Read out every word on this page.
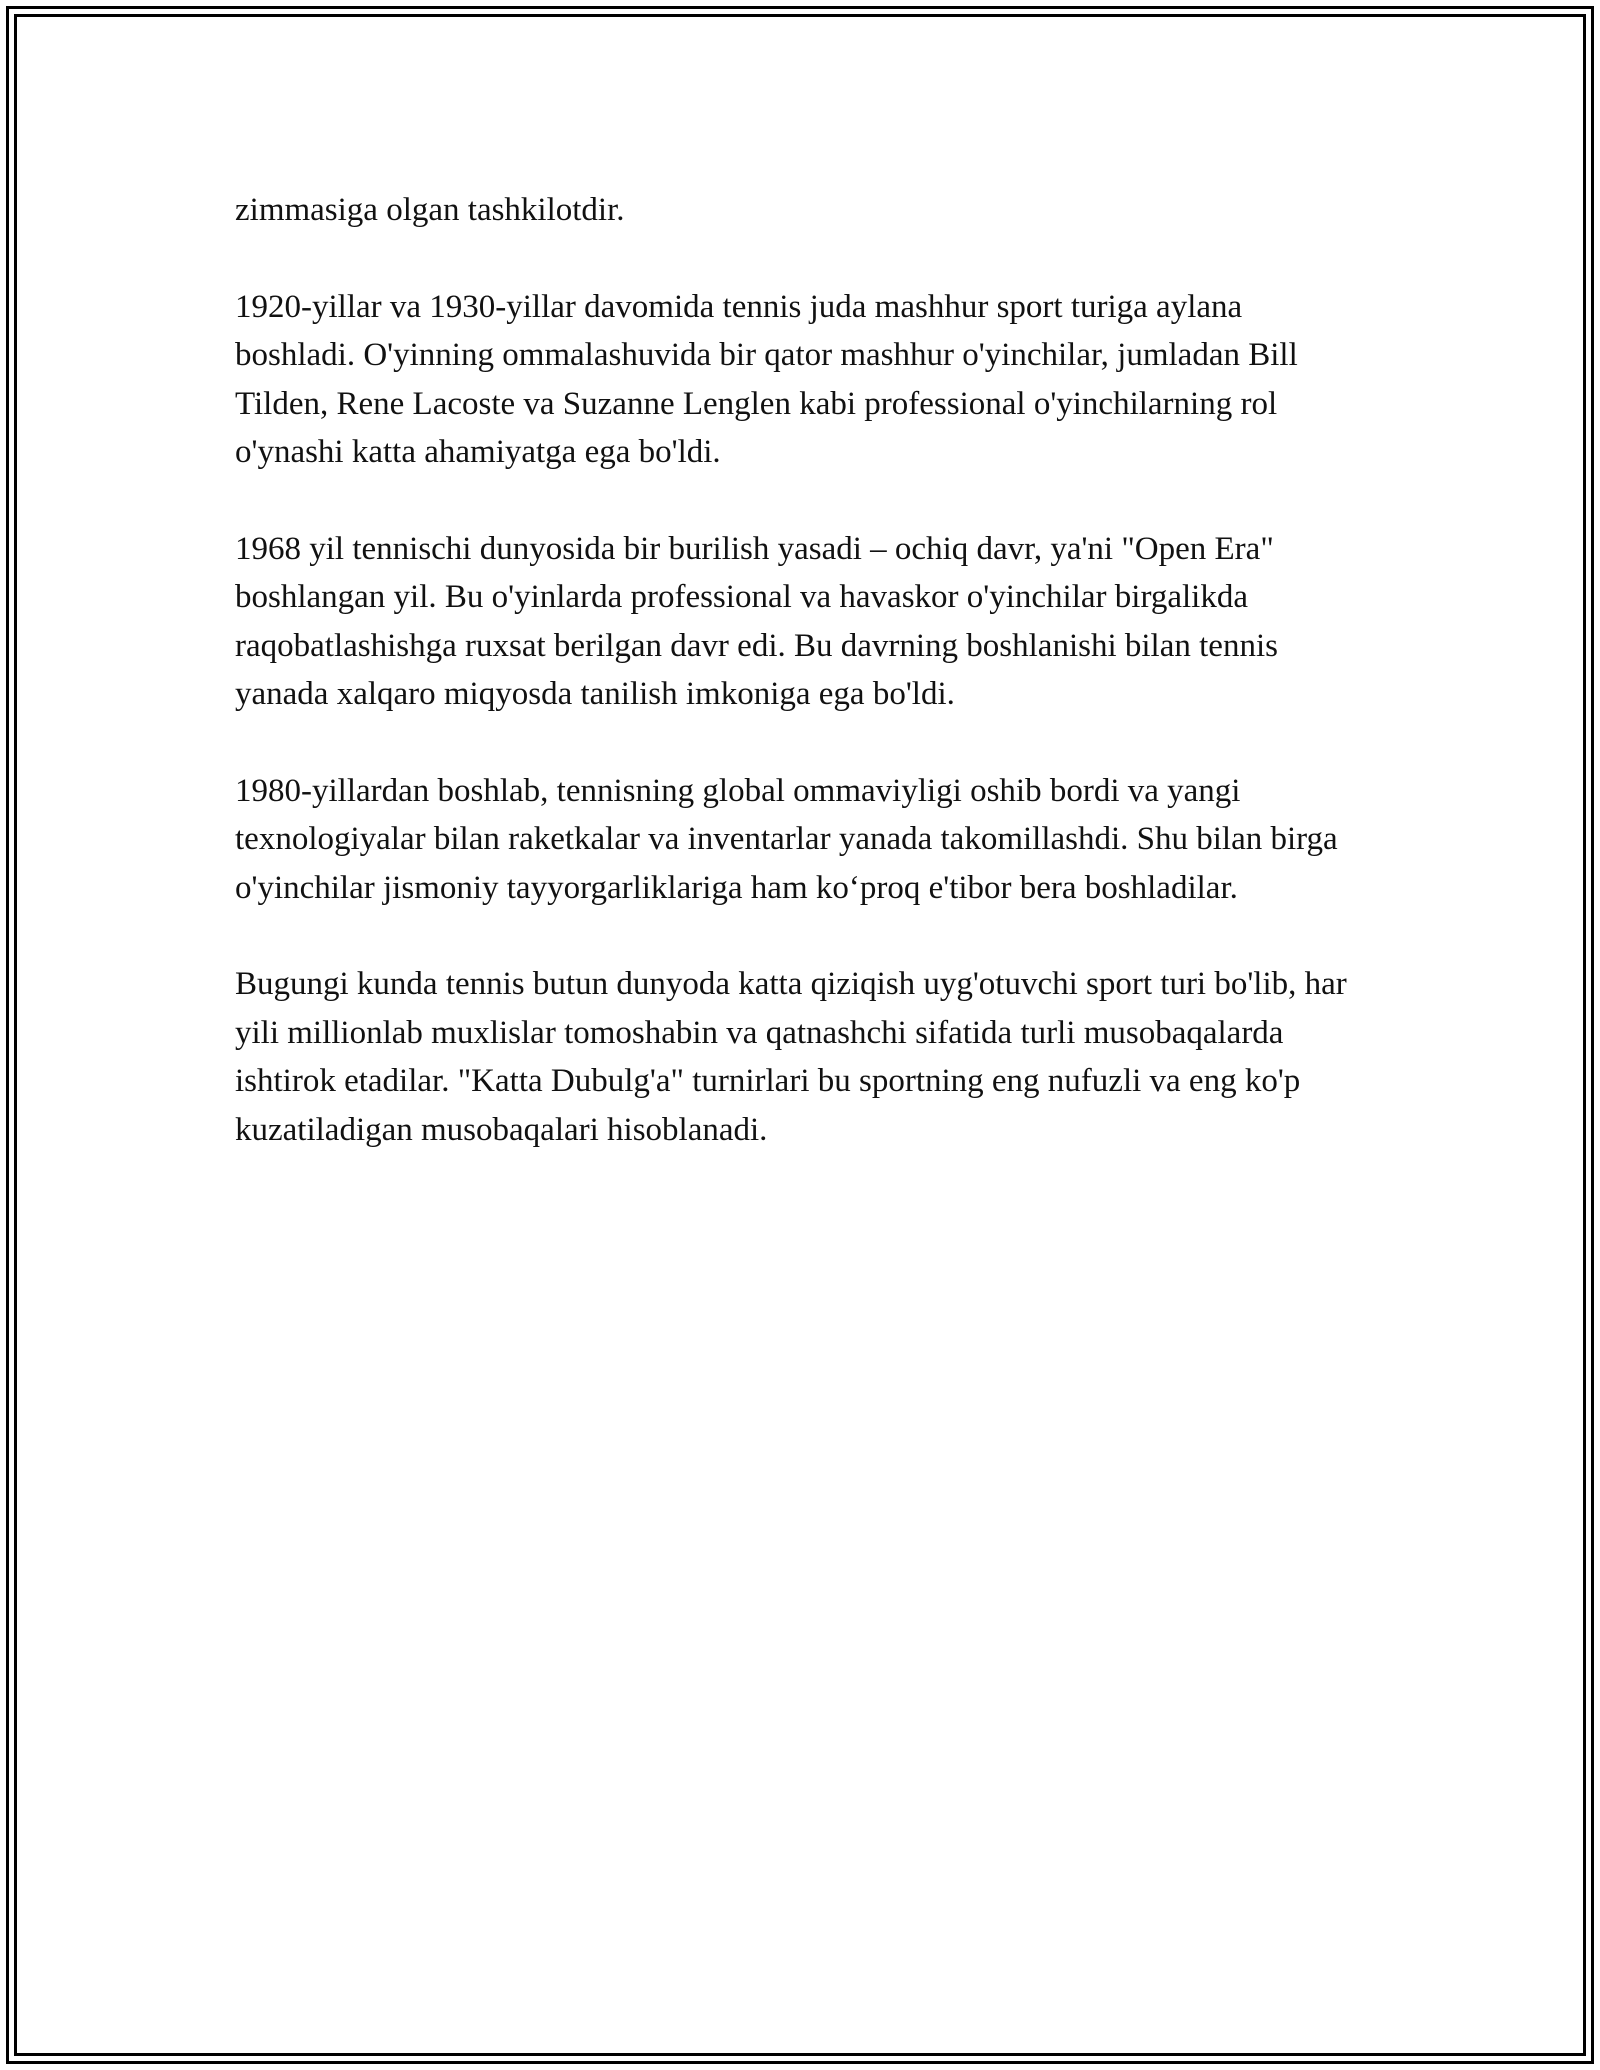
zimmasiga olgan tashkilotdir.

1920-yillar va 1930-yillar davomida tennis juda mashhur sport turiga aylana boshladi. O'yinning ommalashuvida bir qator mashhur o'yinchilar, jumladan Bill Tilden, Rene Lacoste va Suzanne Lenglen kabi professional o'yinchilarning rol o'ynashi katta ahamiyatga ega bo'ldi.

1968 yil tennischi dunyosida bir burilish yasadi – ochiq davr, ya'ni "Open Era" boshlangan yil. Bu o'yinlarda professional va havaskor o'yinchilar birgalikda raqobatlashishga ruxsat berilgan davr edi. Bu davrning boshlanishi bilan tennis yanada xalqaro miqyosda tanilish imkoniga ega bo'ldi.

1980-yillardan boshlab, tennisning global ommaviyligi oshib bordi va yangi texnologiyalar bilan raketkalar va inventarlar yanada takomillashdi. Shu bilan birga o'yinchilar jismoniy tayyorgarliklariga ham ko‘proq e'tibor bera boshladilar.

Bugungi kunda tennis butun dunyoda katta qiziqish uyg'otuvchi sport turi bo'lib, har yili millionlab muxlislar tomoshabin va qatnashchi sifatida turli musobaqalarda ishtirok etadilar. "Katta Dubulg'a" turnirlari bu sportning eng nufuzli va eng ko'p kuzatiladigan musobaqalari hisoblanadi.
